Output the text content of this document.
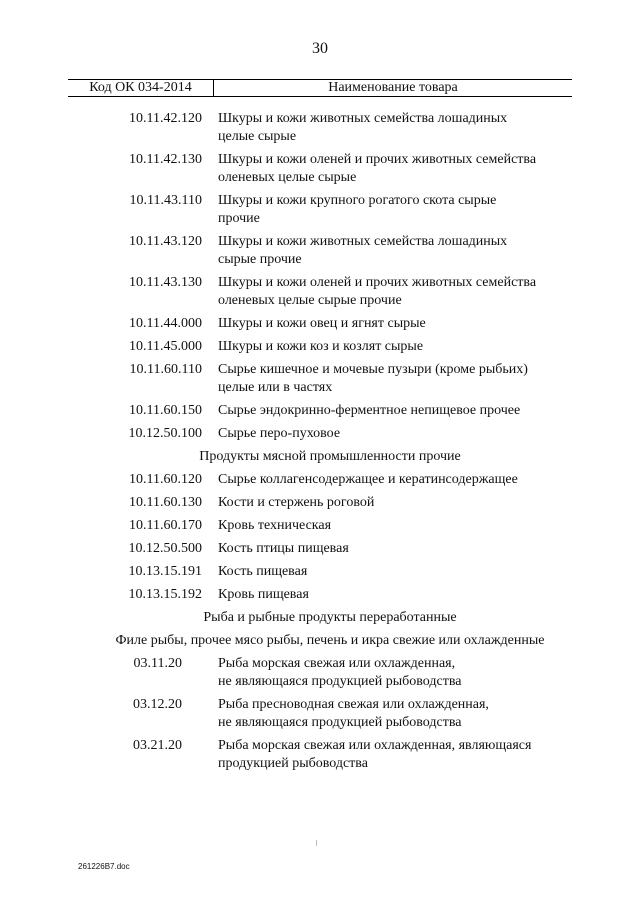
30
Код ОК 034-2014	Наименование товара
10.11.42.120	Шкуры и кожи животных семейства лошадиных
целые сырые
10.11.42.130	Шкуры и кожи оленей и прочих животных семейства
оленевых целые сырые
10.11.43.110	Шкуры и кожи крупного рогатого скота сырые
прочие
10.11.43.120	Шкуры и кожи животных семейства лошадиных
сырые прочие
10.11.43.130	Шкуры и кожи оленей и прочих животных семейства
оленевых целые сырые прочие
10.11.44.000	Шкуры и кожи овец и ягнят сырые
10.11.45.000	Шкуры и кожи коз и козлят сырые
10.11.60.110	Сырье кишечное и мочевые пузыри (кроме рыбьих)
целые или в частях
10.11.60.150	Сырье эндокринно-ферментное непищевое прочее
10.12.50.100	Сырье перо-пуховое
Продукты мясной промышленности прочие
10.11.60.120	Сырье коллагенсодержащее и кератинсодержащее
10.11.60.130	Кости и стержень роговой
10.11.60.170	Кровь техническая
10.12.50.500	Кость птицы пищевая
10.13.15.191	Кость пищевая
10.13.15.192	Кровь пищевая
Рыба и рыбные продукты переработанные
Филе рыбы, прочее мясо рыбы, печень и икра свежие или охлажденные
03.11.20	Рыба морская свежая или охлажденная,
не являющаяся продукцией рыбоводства
03.12.20	Рыба пресноводная свежая или охлажденная,
не являющаяся продукцией рыбоводства
03.21.20	Рыба морская свежая или охлажденная, являющаяся
продукцией рыбоводства
261226B7.doc
